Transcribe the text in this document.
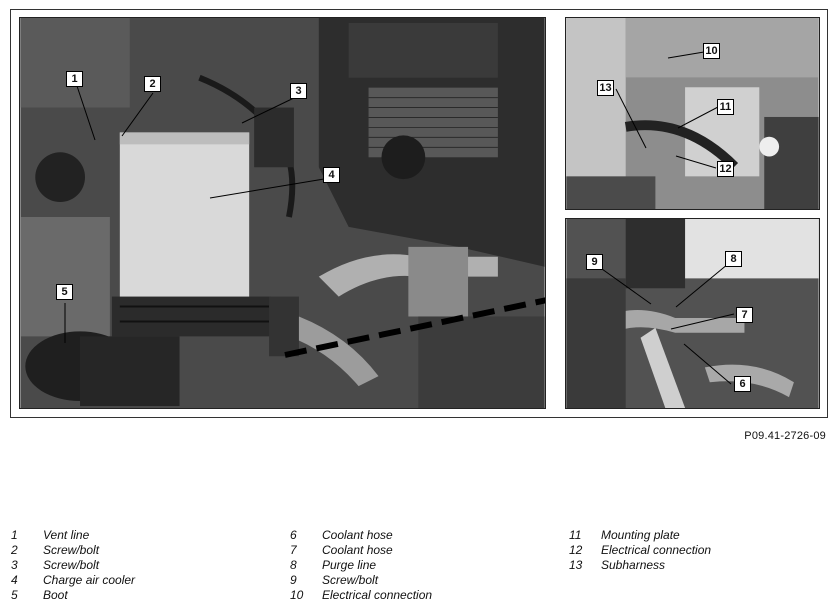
1	2
3
4
5
10
11
12
13
9	8
7
6
P09.41-2726-09
1	Vent line
2	Screw/bolt
3	Screw/bolt
4	Charge air cooler
5	Boot
6	Coolant hose
7	Coolant hose
8	Purge line
9	Screw/bolt
10	Electrical connection
11	Mounting plate
12	Electrical connection
13	Subharness
